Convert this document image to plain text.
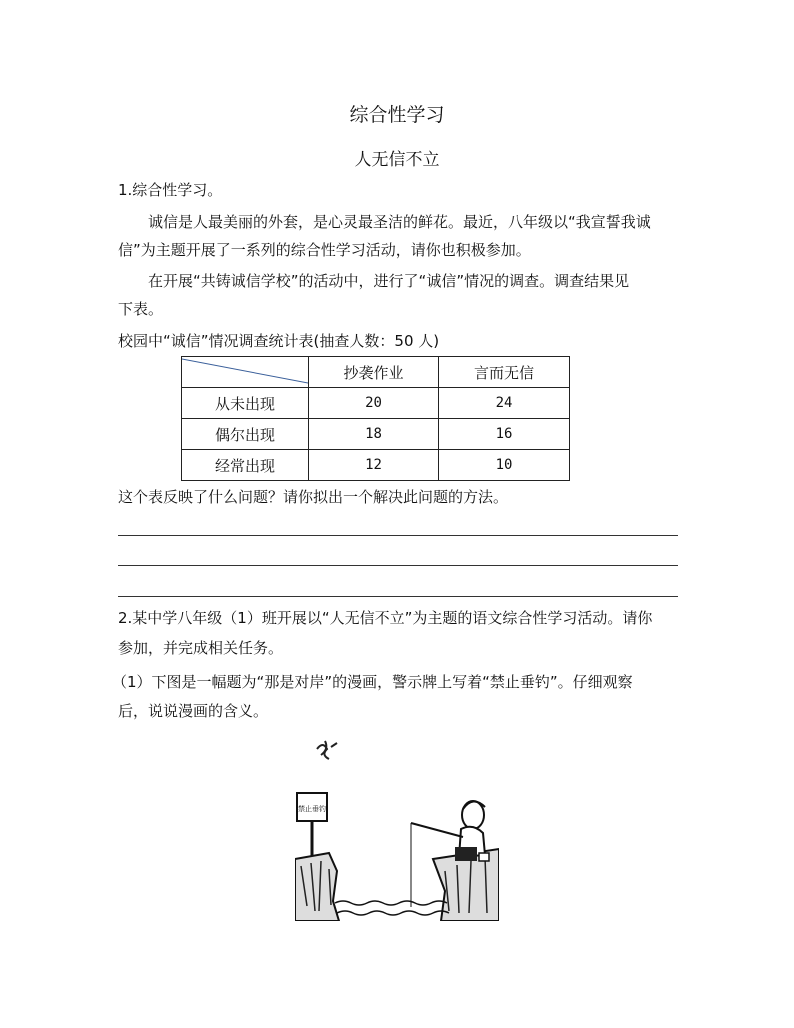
综合性学习
人无信不立
1.综合性学习。
诚信是人最美丽的外套，是心灵最圣洁的鲜花。最近，八年级以“我宣誓我诚
信”为主题开展了一系列的综合性学习活动，请你也积极参加。
在开展“共铸诚信学校”的活动中，进行了“诚信”情况的调查。调查结果见
下表。
校园中“诚信”情况调查统计表(抽查人数：50 人)
	抄袭作业	言而无信
从未出现	20	24
偶尔出现	18	16
经常出现	12	10
这个表反映了什么问题？请你拟出一个解决此问题的方法。
2.某中学八年级（1）班开展以“人无信不立”为主题的语文综合性学习活动。请你
参加，并完成相关任务。
（1）下图是一幅题为“那是对岸”的漫画，警示牌上写着“禁止垂钓”。仔细观察
后，说说漫画的含义。
禁止垂钓
